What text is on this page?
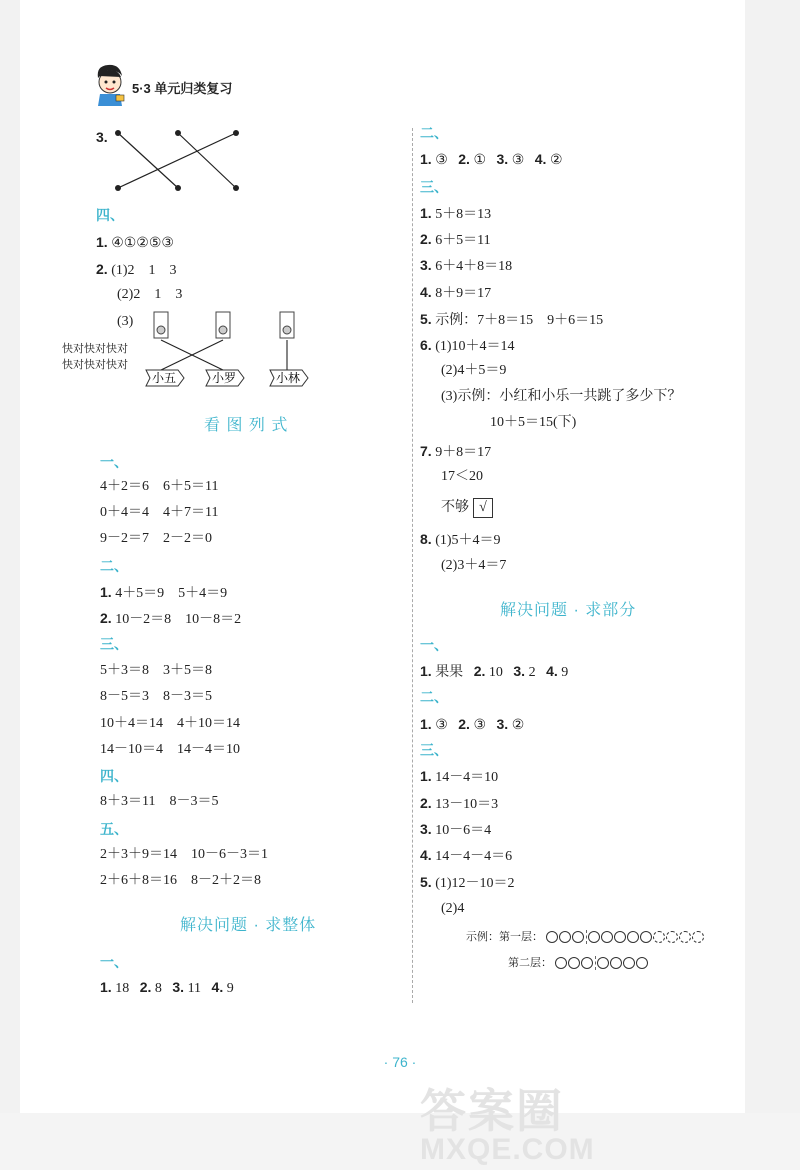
5·3 单元归类复习
3.
四、
1. ④①②⑤③
2. (1)2　1　3
(2)2　1　3
(3)
快对快对快对
快对快对快对
小五	小罗	小林
看 图 列 式
一、
4＋2＝6　6＋5＝11
0＋4＝4　4＋7＝11
9－2＝7　2－2＝0
二、
1. 4＋5＝9　5＋4＝9
2. 10－2＝8　10－8＝2
三、
5＋3＝8　3＋5＝8
8－5＝3　8－3＝5
10＋4＝14　4＋10＝14
14－10＝4　14－4＝10
四、
8＋3＝11　8－3＝5
五、
2＋3＋9＝14　10－6－3＝1
2＋6＋8＝16　8－2＋2＝8
解决问题 · 求整体
一、
1. 18 2. 8 3. 11 4. 9
二、
1. ③ 2. ① 3. ③ 4. ②
三、
1. 5＋8＝13
2. 6＋5＝11
3. 6＋4＋8＝18
4. 8＋9＝17
5. 示例：7＋8＝15　9＋6＝15
6. (1)10＋4＝14
(2)4＋5＝9
(3)示例：小红和小乐一共跳了多少下？
10＋5＝15(下)
7. 9＋8＝17
17＜20
不够 √
8. (1)5＋4＝9
(2)3＋4＝7
解决问题 · 求部分
一、
1. 果果 2. 10 3. 2 4. 9
二、
1. ③ 2. ③ 3. ②
三、
1. 14－4＝10
2. 13－10＝3
3. 10－6＝4
4. 14－4－4＝6
5. (1)12－10＝2
(2)4
示例：第一层：
第二层：
· 76 ·
答案圈
MXQE.COM
